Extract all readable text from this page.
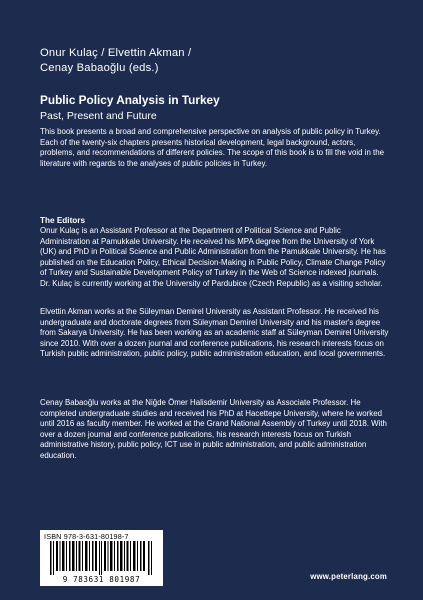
Onur Kulaç / Elvettin Akman /
Cenay Babaoğlu (eds.)
Public Policy Analysis in Turkey
Past, Present and Future
This book presents a broad and comprehensive perspective on analysis of public policy in Turkey. Each of the twenty-six chapters presents historical development, legal background, actors, problems, and recommendations of different policies. The scope of this book is to fill the void in the literature with regards to the analyses of public policies in Turkey.
The Editors
Onur Kulaç is an Assistant Professor at the Department of Political Science and Public Administration at Pamukkale University. He received his MPA degree from the University of York (UK) and PhD in Political Science and Public Administration from the Pamukkale University. He has published on the Education Policy, Ethical Decision-Making in Public Policy, Climate Change Policy of Turkey and Sustainable Development Policy of Turkey in the Web of Science indexed journals. Dr. Kulaç is currently working at the University of Pardubice (Czech Republic) as a visiting scholar.
Elvettin Akman works at the Süleyman Demirel University as Assistant Professor. He received his undergraduate and doctorate degrees from Süleyman Demirel University and his master's degree from Sakarya University. He has been working as an academic staff at Süleyman Demirel University since 2010. With over a dozen journal and conference publications, his research interests focus on Turkish public administration, public policy, public administration education, and local governments.
Cenay Babaoğlu works at the Niğde Ömer Halisdemir University as Associate Professor. He completed undergraduate studies and received his PhD at Hacettepe University, where he worked until 2016 as faculty member. He worked at the Grand National Assembly of Turkey until 2018. With over a dozen journal and conference publications, his research interests focus on Turkish administrative history, public policy, ICT use in public administration, and public administration education.
ISBN 978-3-631-80198-7
9 783631 801987	www.peterlang.com
